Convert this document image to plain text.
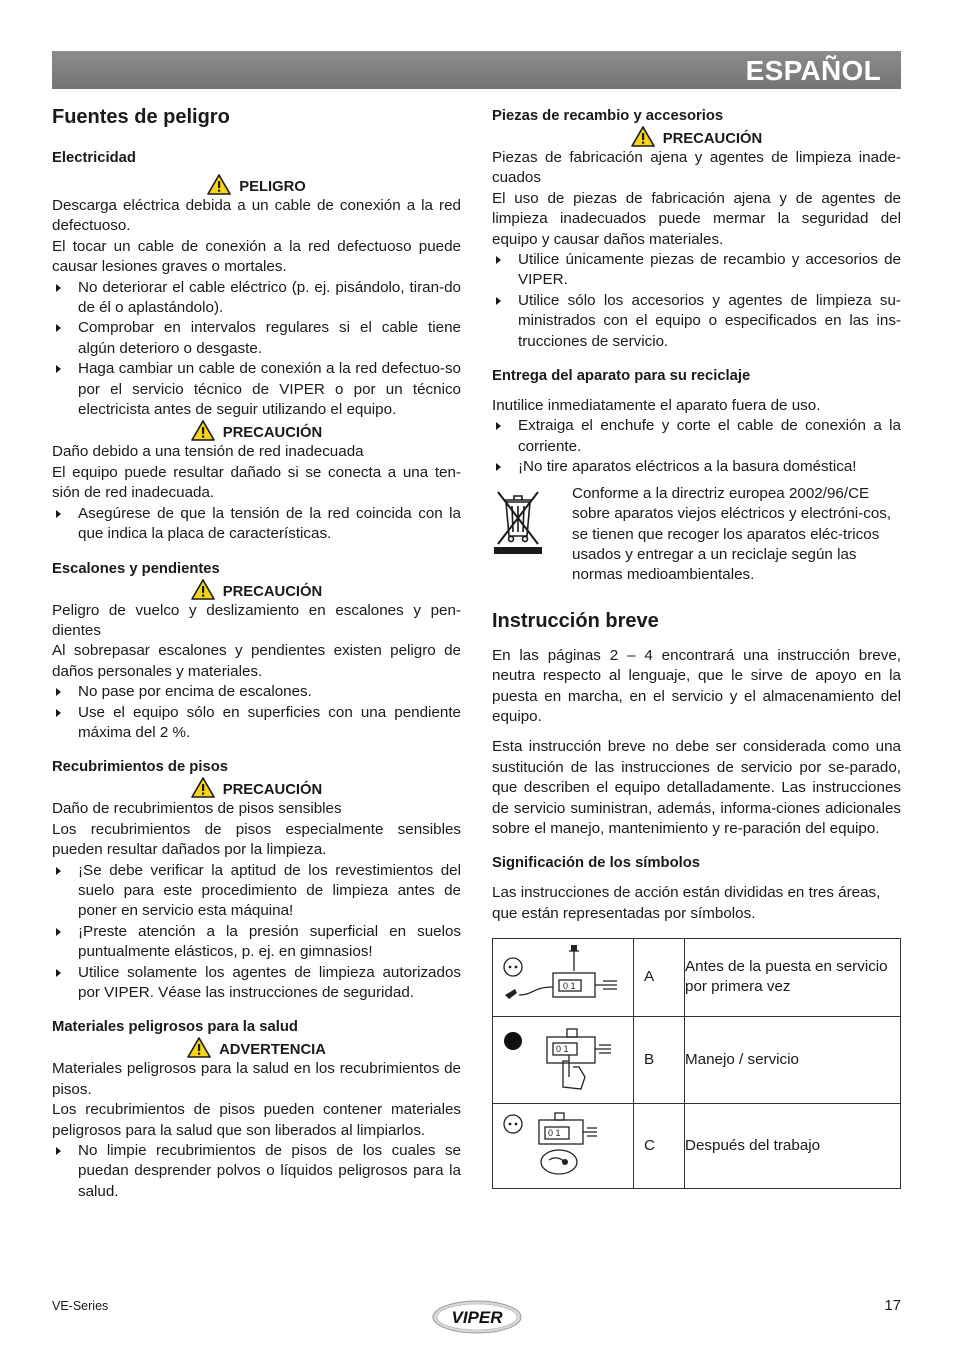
ESPAÑOL
Fuentes de peligro
Electricidad
PELIGRO

Descarga eléctrica debida a un cable de conexión a la red defectuoso.

El tocar un cable de conexión a la red defectuoso puede causar lesiones graves o mortales.

No deteriorar el cable eléctrico (p. ej. pisándolo, tiran-do de él o aplastándolo).
Comprobar en intervalos regulares si el cable tiene algún deterioro o desgaste.
Haga cambiar un cable de conexión a la red defectuo-so por el servicio técnico de VIPER o por un técnico electricista antes de seguir utilizando el equipo.
PRECAUCIÓN

Daño debido a una tensión de red inadecuada

El equipo puede resultar dañado si se conecta a una ten-sión de red inadecuada.

Asegúrese de que la tensión de la red coincida con la que indica la placa de características.
Escalones y pendientes
PRECAUCIÓN

Peligro de vuelco y deslizamiento en escalones y pen-dientes

Al sobrepasar escalones y pendientes existen peligro de daños personales y materiales.

No pase por encima de escalones.
Use el equipo sólo en superficies con una pendiente máxima del 2 %.
Recubrimientos de pisos
PRECAUCIÓN

Daño de recubrimientos de pisos sensibles

Los recubrimientos de pisos especialmente sensibles pueden resultar dañados por la limpieza.

¡Se debe verificar la aptitud de los revestimientos del suelo para este procedimiento de limpieza antes de poner en servicio esta máquina!
¡Preste atención a la presión superficial en suelos puntualmente elásticos, p. ej. en gimnasios!
Utilice solamente los agentes de limpieza autorizados por VIPER. Véase las instrucciones de seguridad.
Materiales peligrosos para la salud
ADVERTENCIA

Materiales peligrosos para la salud en los recubrimientos de pisos.

Los recubrimientos de pisos pueden contener materiales peligrosos para la salud que son liberados al limpiarlos.

No limpie recubrimientos de pisos de los cuales se puedan desprender polvos o líquidos peligrosos para la salud.
Piezas de recambio y accesorios
PRECAUCIÓN

Piezas de fabricación ajena y agentes de limpieza inade-cuados

El uso de piezas de fabricación ajena y de agentes de limpieza inadecuados puede mermar la seguridad del equipo y causar daños materiales.

Utilice únicamente piezas de recambio y accesorios de VIPER.
Utilice sólo los accesorios y agentes de limpieza su-ministrados con el equipo o especificados en las ins-trucciones de servicio.
Entrega del aparato para su reciclaje

Inutilice inmediatamente el aparato fuera de uso.

Extraiga el enchufe y corte el cable de conexión a la corriente.
¡No tire aparatos eléctricos a la basura doméstica!

Conforme a la directriz europea 2002/96/CE sobre aparatos viejos eléctricos y electróni-cos, se tienen que recoger los aparatos eléc-tricos usados y entregar a un reciclaje según las normas medioambientales.

Instrucción breve

En las páginas 2 – 4 encontrará una instrucción breve, neutra respecto al lenguaje, que le sirve de apoyo en la puesta en marcha, en el servicio y el almacenamiento del equipo.

Esta instrucción breve no debe ser considerada como una sustitución de las instrucciones de servicio por se-parado, que describen el equipo detalladamente. Las instrucciones de servicio suministran, además, informa-ciones adicionales sobre el manejo, mantenimiento y re-paración del equipo.

Significación de los símbolos

Las instrucciones de acción están divididas en tres áreas, que están representadas por símbolos.

0 1	A	Antes de la puesta en servicio por primera vez

0 1	B	Manejo / servicio

0 1	C	Después del trabajo
VE-Series
VIPER
17
